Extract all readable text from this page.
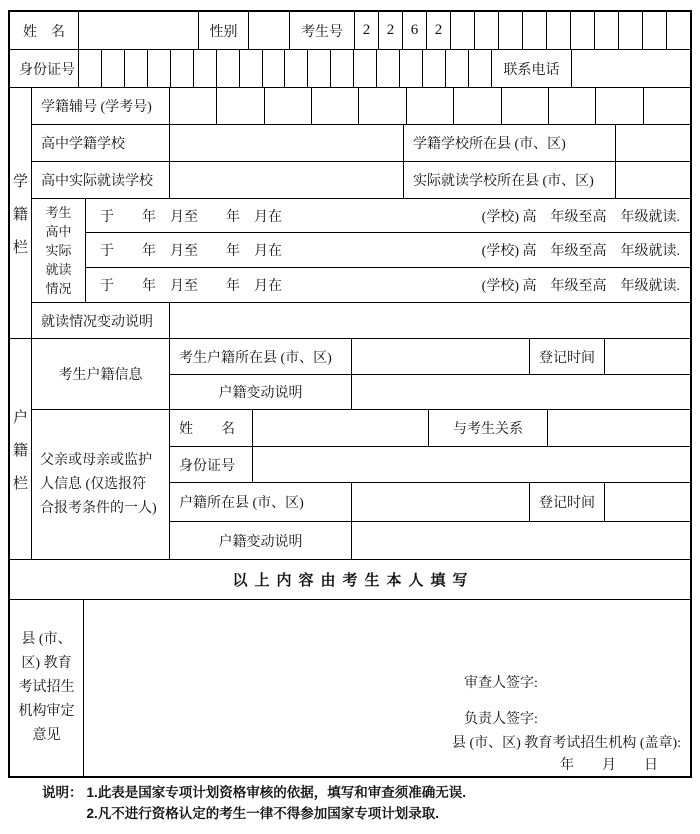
姓　名	性别	考生号	2	2	6	2
身份证号	联系电话
学
籍
栏
学籍辅号 (学考号)
高中学籍学校	学籍学校所在县 (市、区)
高中实际就读学校	实际就读学校所在县 (市、区)
考生
高中
实际
就读
情况
于　　年　月至　　年　月在	(学校) 高　年级至高　年级就读.
于　　年　月至　　年　月在	(学校) 高　年级至高　年级就读.
于　　年　月至　　年　月在	(学校) 高　年级至高　年级就读.
就读情况变动说明
户
籍
栏
考生户籍信息
考生户籍所在县 (市、区)	登记时间
户籍变动说明
父亲或母亲或监护
人信息 (仅选报符
合报考条件的一人)
姓　　名	与考生关系
身份证号
户籍所在县 (市、区)	登记时间
户籍变动说明
以上内容由考生本人填写
县 (市、
区) 教育
考试招生
机构审定
意见
审查人签字:
负责人签字:
县 (市、区) 教育考试招生机构 (盖章):
年　　月　　日
说明： 1.此表是国家专项计划资格审核的依据，填写和审查须准确无误.
2.凡不进行资格认定的考生一律不得参加国家专项计划录取.
